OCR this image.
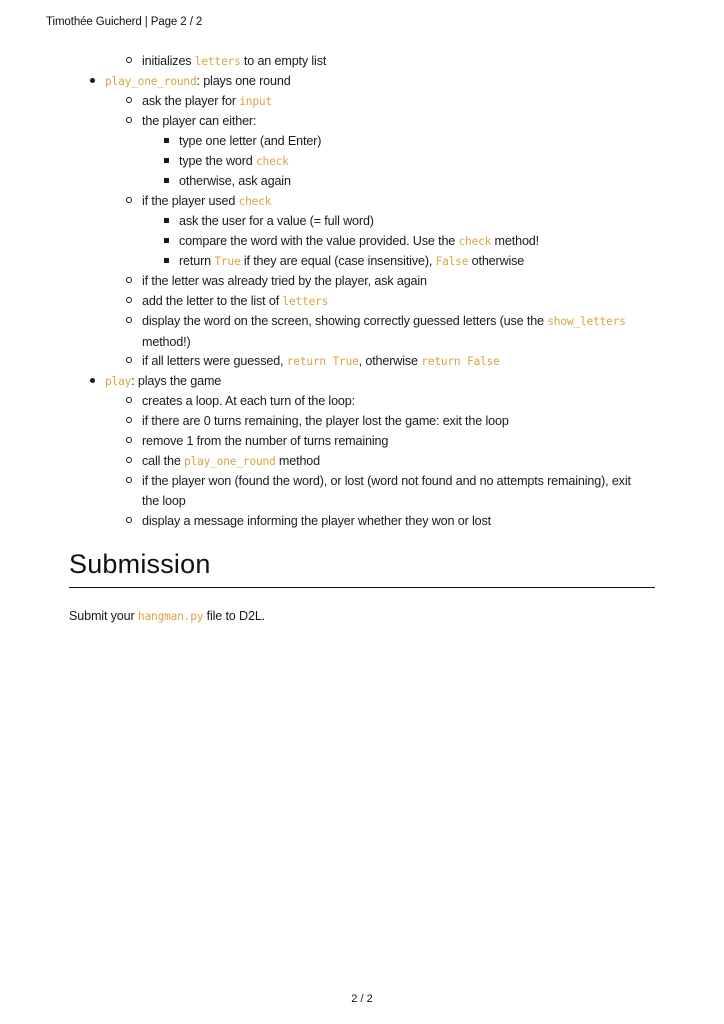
Timothée Guicherd | Page 2 / 2
initializes letters to an empty list
play_one_round: plays one round
ask the player for input
the player can either:
type one letter (and Enter)
type the word check
otherwise, ask again
if the player used check
ask the user for a value (= full word)
compare the word with the value provided. Use the check method!
return True if they are equal (case insensitive), False otherwise
if the letter was already tried by the player, ask again
add the letter to the list of letters
display the word on the screen, showing correctly guessed letters (use the show_letters method!)
if all letters were guessed, return True, otherwise return False
play: plays the game
creates a loop. At each turn of the loop:
if there are 0 turns remaining, the player lost the game: exit the loop
remove 1 from the number of turns remaining
call the play_one_round method
if the player won (found the word), or lost (word not found and no attempts remaining), exit the loop
display a message informing the player whether they won or lost
Submission
Submit your hangman.py file to D2L.
2 / 2
